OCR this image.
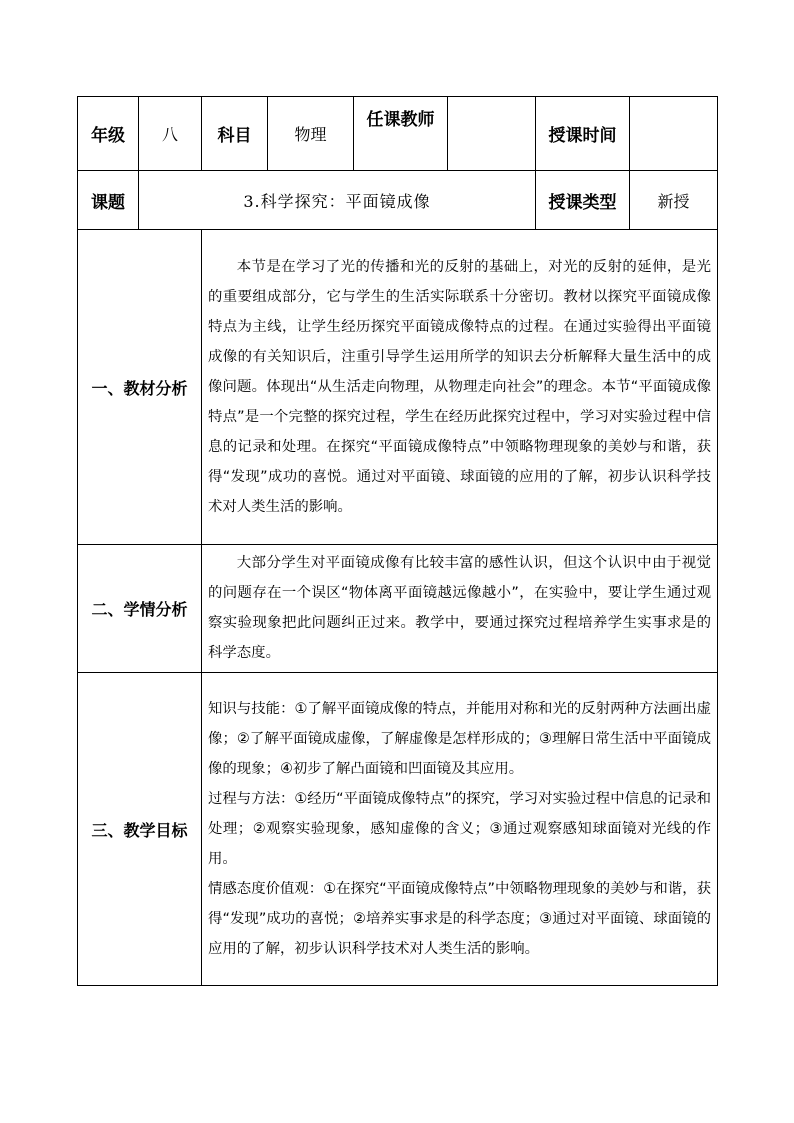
年级	八	科目	物理	任课教师		授课时间	
课题	3.科学探究：平面镜成像					授课类型	新授
一、教材分析		本节是在学习了光的传播和光的反射的基础上，对光的反射的延伸，是光的重要组成部分，它与学生的生活实际联系十分密切。教材以探究平面镜成像特点为主线，让学生经历探究平面镜成像特点的过程。在通过实验得出平面镜成像的有关知识后，注重引导学生运用所学的知识去分析解释大量生活中的成像问题。体现出“从生活走向物理，从物理走向社会”的理念。本节“平面镜成像特点”是一个完整的探究过程，学生在经历此探究过程中，学习对实验过程中信息的记录和处理。在探究“平面镜成像特点”中领略物理现象的美妙与和谐，获得“发现”成功的喜悦。通过对平面镜、球面镜的应用的了解，初步认识科学技术对人类生活的影响。					

二、学情分析		大部分学生对平面镜成像有比较丰富的感性认识，但这个认识中由于视觉的问题存在一个误区“物体离平面镜越远像越小”，在实验中，要让学生通过观察实验现象把此问题纠正过来。教学中，要通过探究过程培养学生实事求是的科学态度。					

三、教学目标		知识与技能：①了解平面镜成像的特点，并能用对称和光的反射两种方法画出虚像；②了解平面镜成虚像，了解虚像是怎样形成的；③理解日常生活中平面镜成像的现象；④初步了解凸面镜和凹面镜及其应用。

过程与方法：①经历“平面镜成像特点”的探究，学习对实验过程中信息的记录和处理；②观察实验现象，感知虚像的含义；③通过观察感知球面镜对光线的作用。

情感态度价值观：①在探究“平面镜成像特点”中领略物理现象的美妙与和谐，获得“发现”成功的喜悦；②培养实事求是的科学态度；③通过对平面镜、球面镜的应用的了解，初步认识科学技术对人类生活的影响。					
